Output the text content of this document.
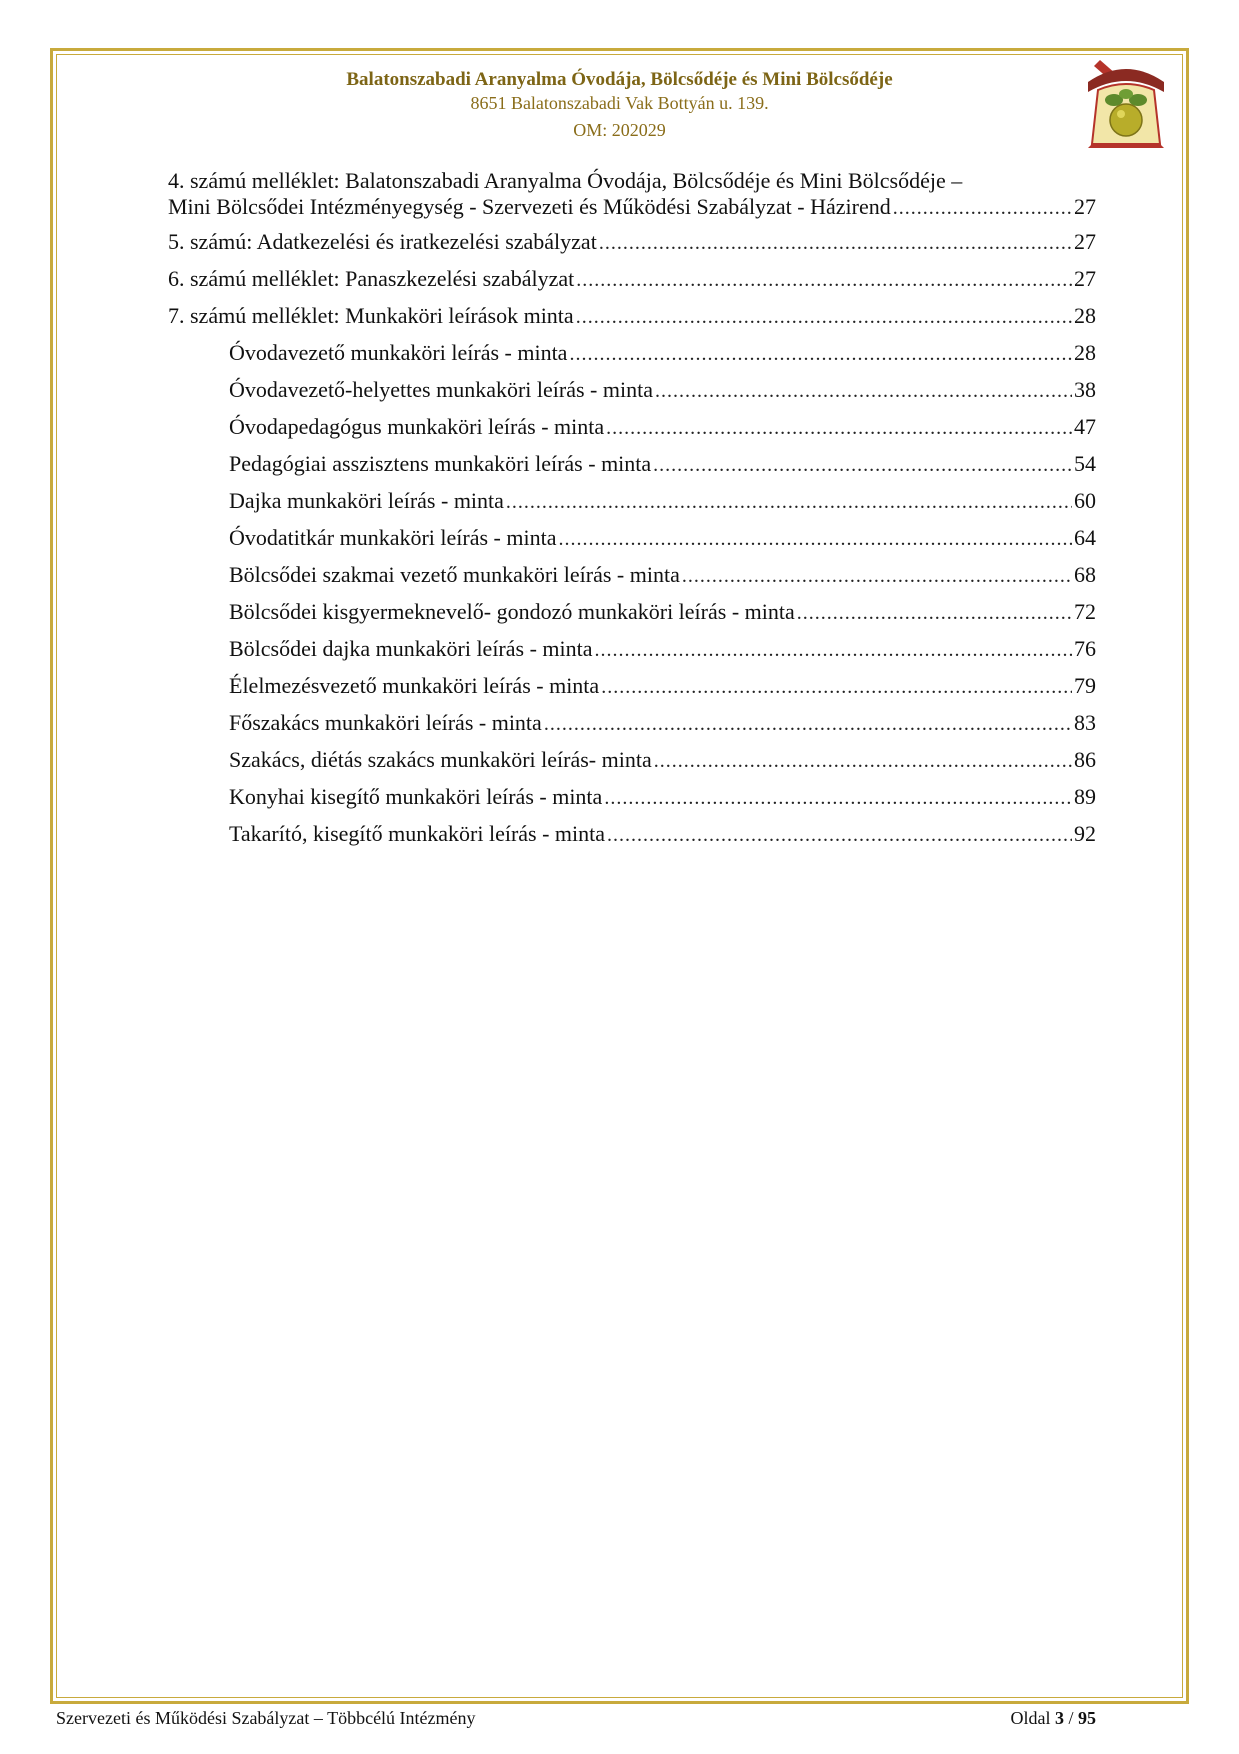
Balatonszabadi Aranyalma Óvodája, Bölcsődéje és Mini Bölcsődéje
8651 Balatonszabadi Vak Bottyán u. 139.
OM: 202029
4. számú melléklet: Balatonszabadi Aranyalma Óvodája, Bölcsődéje és Mini Bölcsődéje –
Mini Bölcsődei Intézményegység - Szervezeti és Működési Szabályzat - Házirend .....	27
5. számú: Adatkezelési és iratkezelési szabályzat .....	27
6. számú melléklet: Panaszkezelési szabályzat .....	27
7. számú melléklet: Munkaköri leírások minta .....	28
Óvodavezető munkaköri leírás - minta .....	28
Óvodavezető-helyettes munkaköri leírás - minta .....	38
Óvodapedagógus munkaköri leírás - minta .....	47
Pedagógiai asszisztens munkaköri leírás - minta .....	54
Dajka munkaköri leírás - minta .....	60
Óvodatitkár munkaköri leírás - minta .....	64
Bölcsődei szakmai vezető munkaköri leírás - minta .....	68
Bölcsődei kisgyermeknevelő- gondozó munkaköri leírás - minta .....	72
Bölcsődei dajka munkaköri leírás - minta .....	76
Élelmezésvezető munkaköri leírás - minta .....	79
Főszakács munkaköri leírás - minta .....	83
Szakács, diétás szakács munkaköri leírás- minta .....	86
Konyhai kisegítő munkaköri leírás - minta .....	89
Takarító, kisegítő munkaköri leírás - minta .....	92
Szervezeti és Működési Szabályzat – Többcélú Intézmény	Oldal 3 / 95
